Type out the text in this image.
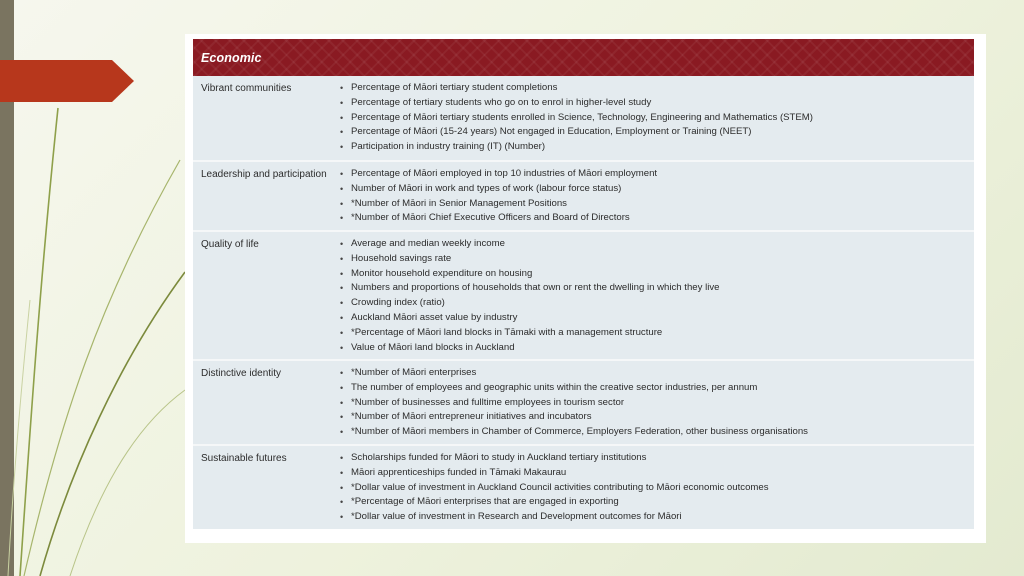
Economic
Vibrant communities	• Percentage of Māori tertiary student completions
• Percentage of tertiary students who go on to enrol in higher-level study
• Percentage of Māori tertiary students enrolled in Science, Technology, Engineering and Mathematics (STEM)
• Percentage of Māori (15-24 years) Not engaged in Education, Employment or Training (NEET)
• Participation in industry training (IT) (Number)
Leadership and participation	• Percentage of Māori employed in top 10 industries of Māori employment
• Number of Māori in work and types of work (labour force status)
• *Number of Māori in Senior Management Positions
• *Number of Māori Chief Executive Officers and Board of Directors
Quality of life	• Average and median weekly income
• Household savings rate
• Monitor household expenditure on housing
• Numbers and proportions of households that own or rent the dwelling in which they live
• Crowding index (ratio)
• Auckland Māori asset value by industry
• *Percentage of Māori land blocks in Tāmaki with a management structure
• Value of Māori land blocks in Auckland
Distinctive identity	• *Number of Māori enterprises
• The number of employees and geographic units within the creative sector industries, per annum
• *Number of businesses and fulltime employees in tourism sector
• *Number of Māori entrepreneur initiatives and incubators
• *Number of Māori members in Chamber of Commerce, Employers Federation, other business organisations
Sustainable futures	• Scholarships funded for Māori to study in Auckland tertiary institutions
• Māori apprenticeships funded in Tāmaki Makaurau
• *Dollar value of investment in Auckland Council activities contributing to Māori economic outcomes
• *Percentage of Māori enterprises that are engaged in exporting
• *Dollar value of investment in Research and Development outcomes for Māori
